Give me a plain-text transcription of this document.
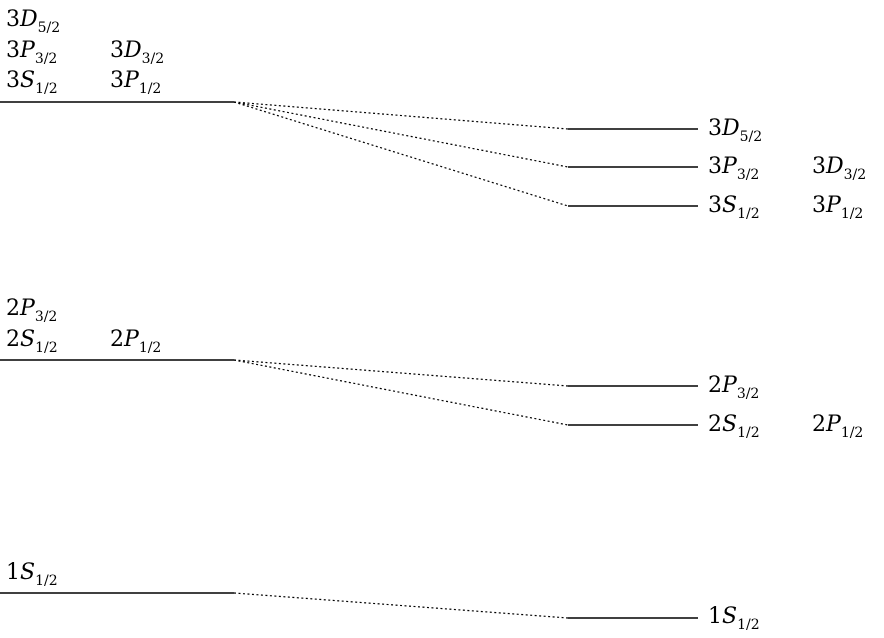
$3D_{5/2}$
$3P_{3/2}$ $3D_{3/2}$
$3S_{1/2}$ $3P_{1/2}$
$2P_{3/2}$
$2S_{1/2}$ $2P_{1/2}$
$1S_{1/2}$
$3D_{5/2}$
$3P_{3/2}$ $3D_{3/2}$
$3S_{1/2}$ $3P_{1/2}$
$2P_{3/2}$
$2S_{1/2}$ $2P_{1/2}$
$1S_{1/2}$
